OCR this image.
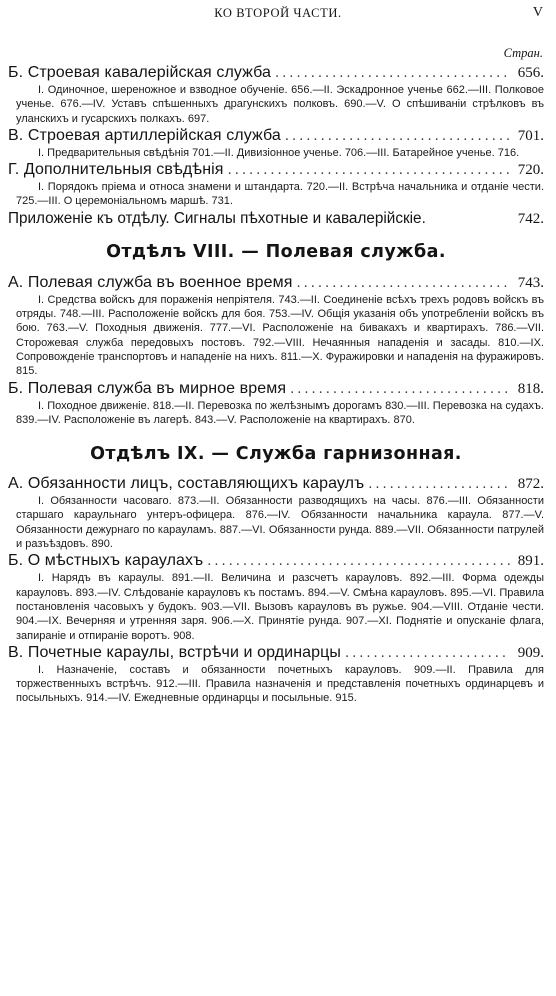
КО ВТОРОЙ ЧАСТИ.	V
Стран.
Б. Строевая кавалерійская служба .....	656.

I. Одиночное, шереножное и взводное обученіе. 656.—II. Эскадронное ученье 662.—III. Полковое ученье. 676.—IV. Уставъ спѣшенныхъ драгунскихъ полковъ. 690.—V. О спѣшиваніи стрѣлковъ въ уланскихъ и гусарскихъ полкахъ. 697.

В. Строевая артиллерійская служба .....	701.

I. Предварительныя свѣдѣнія 701.—II. Дивизіонное ученье. 706.—III. Батарейное ученье. 716.

Г. Дополнительныя свѣдѣнія .....	720.

I. Порядокъ пріема и относа знамени и штандарта. 720.—II. Встрѣча начальника и отданіе чести. 725.—III. О церемоніальномъ маршѣ. 731.

Приложеніе къ отдѣлу. Сигналы пѣхотные и кавалерійскіе.	742.
Отдѣлъ VIII. — Полевая служба.
А. Полевая служба въ военное время .....	743.

I. Средства войскъ для пораженія непріятеля. 743.—II. Соединеніе всѣхъ трехъ родовъ войскъ въ отряды. 748.—III. Расположеніе войскъ для боя. 753.—IV. Общія указанія объ употребленіи войскъ въ бою. 763.—V. Походныя движенія. 777.—VI. Расположеніе на бивакахъ и квартирахъ. 786.—VII. Сторожевая служба передовыхъ постовъ. 792.—VIII. Нечаянныя нападенія и засады. 810.—IX. Сопровожденіе транспортовъ и нападеніе на нихъ. 811.—X. Фуражировки и нападенія на фуражировъ. 815.

Б. Полевая служба въ мирное время .....	818.

I. Походное движеніе. 818.—II. Перевозка по желѣзнымъ дорогамъ 830.—III. Перевозка на судахъ. 839.—IV. Расположеніе въ лагерѣ. 843.—V. Расположеніе на квартирахъ. 870.

Отдѣлъ IX. — Служба гарнизонная.
А. Обязанности лицъ, составляющихъ караулъ .....	872.

I. Обязанности часоваго. 873.—II. Обязанности разводящихъ на часы. 876.—III. Обязанности старшаго караульнаго унтеръ-офицера. 876.—IV. Обязанности начальника караула. 877.—V. Обязанности дежурнаго по карауламъ. 887.—VI. Обязанности рунда. 889.—VII. Обязанности патрулей и разъѣздовъ. 890.

Б. О мѣстныхъ караулахъ .....	891.

I. Нарядъ въ караулы. 891.—II. Величина и разсчетъ карауловъ. 892.—III. Форма одежды карауловъ. 893.—IV. Слѣдованіе карауловъ къ постамъ. 894.—V. Смѣна карауловъ. 895.—VI. Правила постановленія часовыхъ у будокъ. 903.—VII. Вызовъ карауловъ въ ружье. 904.—VIII. Отданіе чести. 904.—IX. Вечерняя и утренняя заря. 906.—X. Принятіе рунда. 907.—XI. Поднятіе и опусканіе флага, запираніе и отпираніе воротъ. 908.

В. Почетные караулы, встрѣчи и ординарцы .....	909.

I. Назначеніе, составъ и обязанности почетныхъ карауловъ. 909.—II. Правила для торжественныхъ встрѣчъ. 912.—III. Правила назначенія и представленія почетныхъ ординарцевъ и посыльныхъ. 914.—IV. Ежедневные ординарцы и посыльные. 915.
